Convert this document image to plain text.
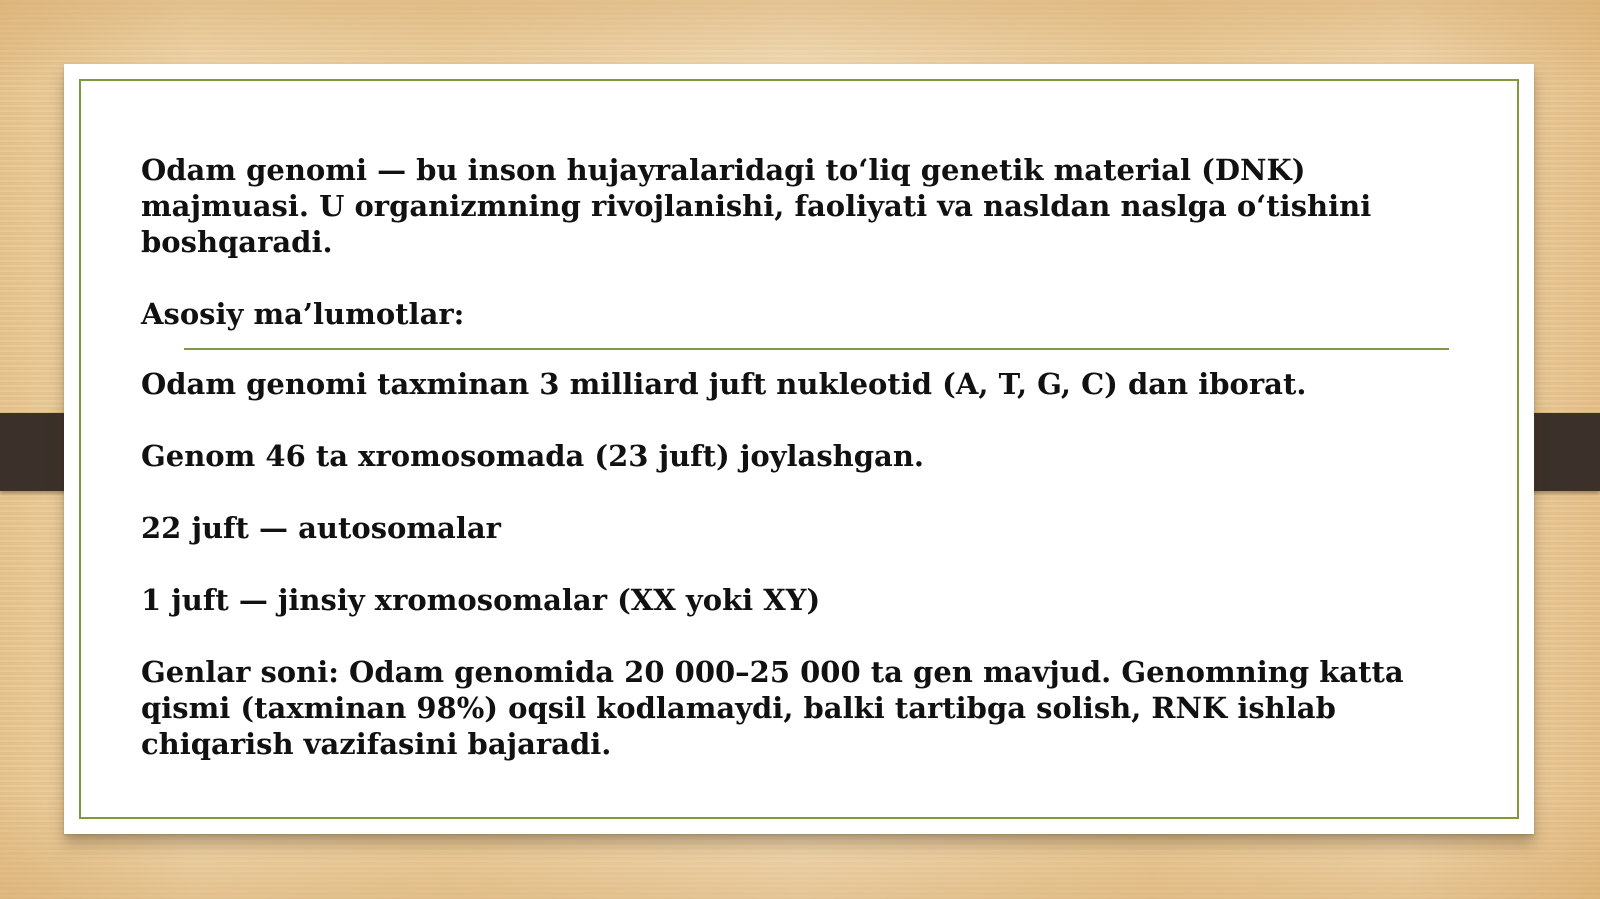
Odam genomi — bu inson hujayralaridagi to‘liq genetik material (DNK) majmuasi. U organizmning rivojlanishi, faoliyati va nasldan naslga o‘tishini boshqaradi.

Asosiy ma’lumotlar:

Odam genomi taxminan 3 milliard juft nukleotid (A, T, G, C) dan iborat.

Genom 46 ta xromosomada (23 juft) joylashgan.

22 juft — autosomalar

1 juft — jinsiy xromosomalar (XX yoki XY)

Genlar soni: Odam genomida 20 000–25 000 ta gen mavjud. Genomning katta qismi (taxminan 98%) oqsil kodlamaydi, balki tartibga solish, RNK ishlab chiqarish vazifasini bajaradi.
